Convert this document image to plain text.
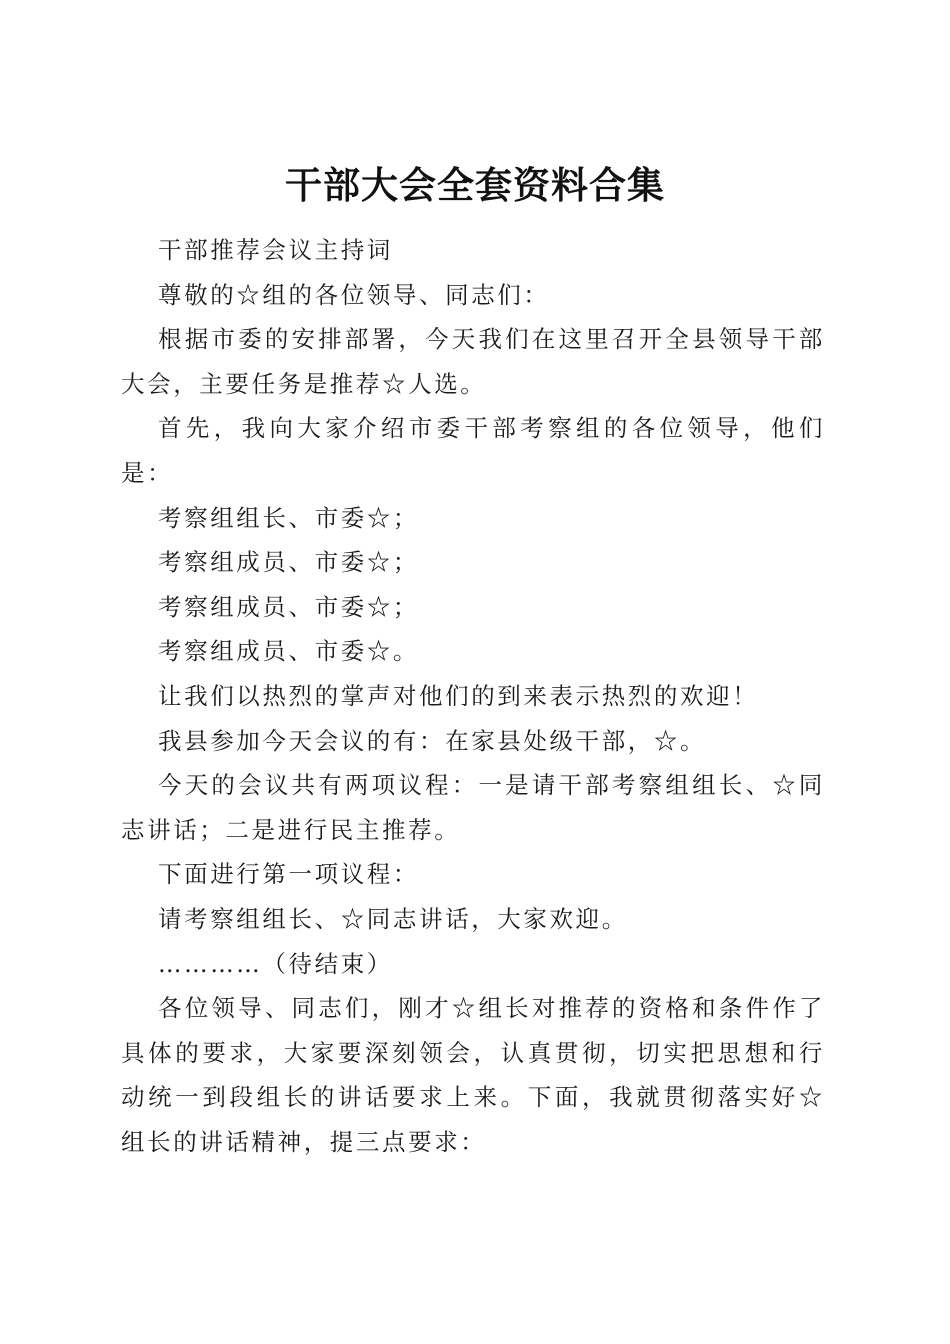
干部大会全套资料合集

干部推荐会议主持词

尊敬的☆组的各位领导、同志们：

根据市委的安排部署，今天我们在这里召开全县领导干部大会，主要任务是推荐☆人选。

首先，我向大家介绍市委干部考察组的各位领导，他们是：

考察组组长、市委☆；

考察组成员、市委☆；

考察组成员、市委☆；

考察组成员、市委☆。

让我们以热烈的掌声对他们的到来表示热烈的欢迎！

我县参加今天会议的有：在家县处级干部，☆。

今天的会议共有两项议程：一是请干部考察组组长、☆同志讲话；二是进行民主推荐。

下面进行第一项议程：

请考察组组长、☆同志讲话，大家欢迎。

…………（待结束）

各位领导、同志们，刚才☆组长对推荐的资格和条件作了具体的要求，大家要深刻领会，认真贯彻，切实把思想和行动统一到段组长的讲话要求上来。下面，我就贯彻落实好☆组长的讲话精神，提三点要求：
